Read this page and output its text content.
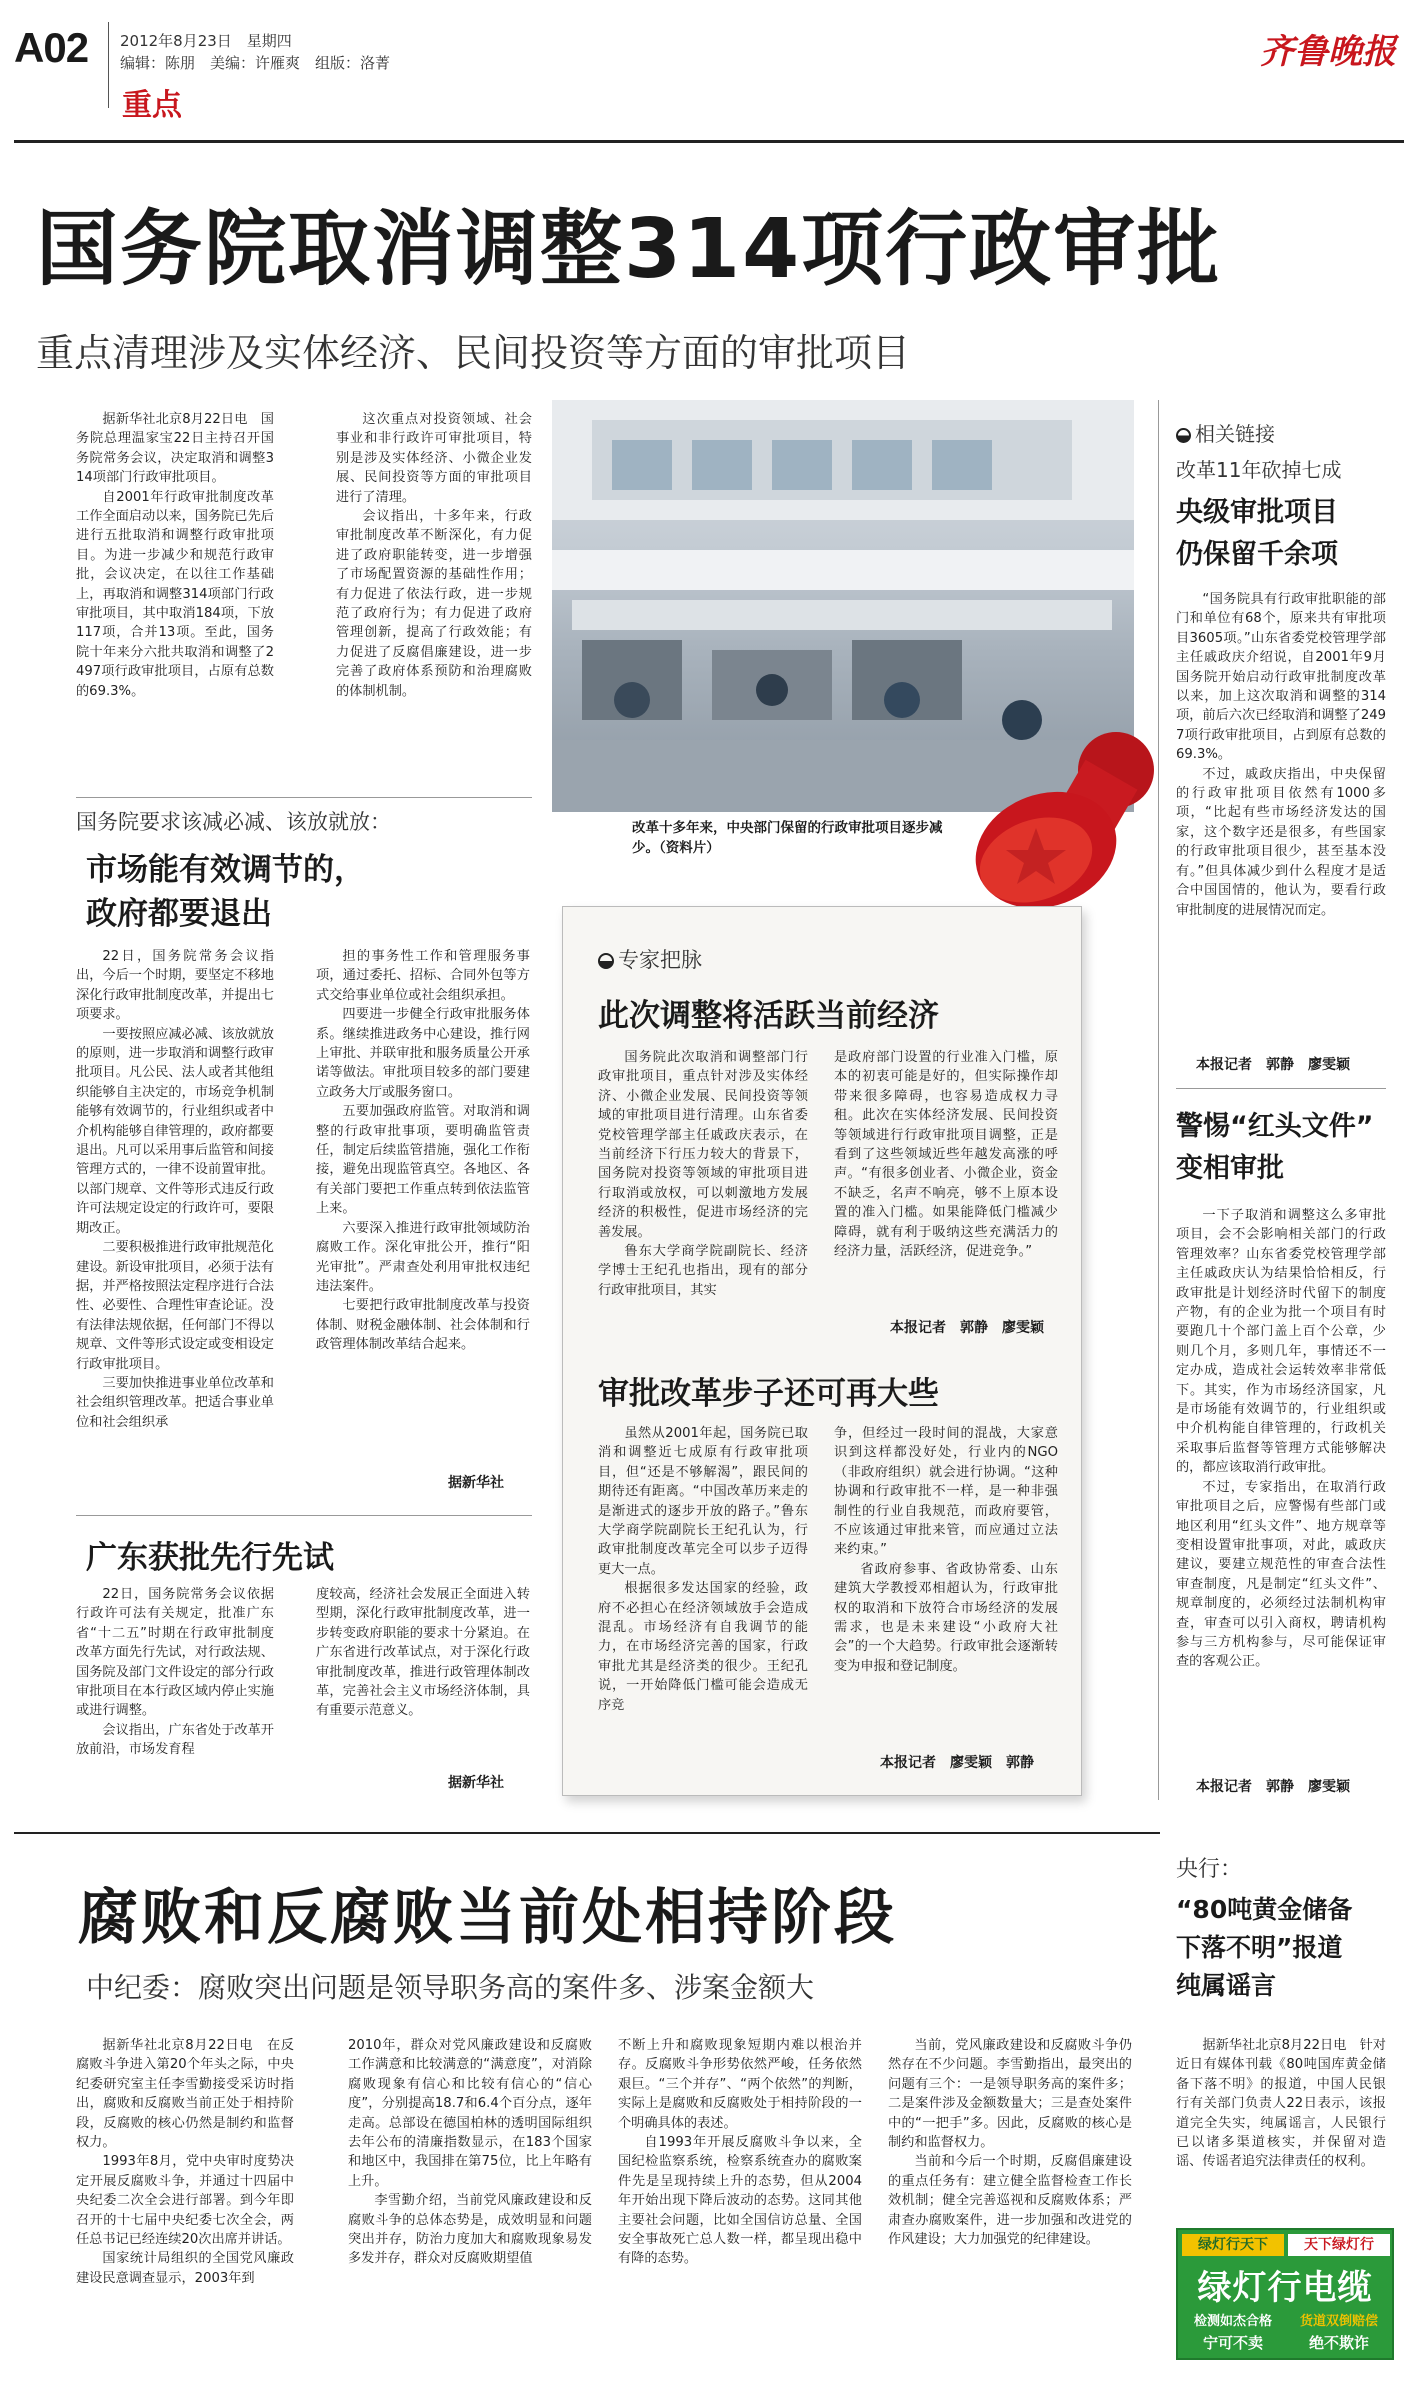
A02 2012年8月23日　星期四
编辑：陈朋　美编：许雁爽　组版：洛菁
重点
齐鲁晚报
国务院取消调整314项行政审批
重点清理涉及实体经济、民间投资等方面的审批项目

据新华社北京8月22日电　国务院总理温家宝22日主持召开国务院常务会议，决定取消和调整314项部门行政审批项目。

自2001年行政审批制度改革工作全面启动以来，国务院已先后进行五批取消和调整行政审批项目。为进一步减少和规范行政审批，会议决定，在以往工作基础上，再取消和调整314项部门行政审批项目，其中取消184项，下放117项，合并13项。至此，国务院十年来分六批共取消和调整了2497项行政审批项目，占原有总数的69.3%。

这次重点对投资领域、社会事业和非行政许可审批项目，特别是涉及实体经济、小微企业发展、民间投资等方面的审批项目进行了清理。

会议指出，十多年来，行政审批制度改革不断深化，有力促进了政府职能转变，进一步增强了市场配置资源的基础性作用；有力促进了依法行政，进一步规范了政府行为；有力促进了政府管理创新，提高了行政效能；有力促进了反腐倡廉建设，进一步完善了政府体系预防和治理腐败的体制机制。

改革十多年来，中央部门保留的行政审批项目逐步减少。（资料片）
国务院要求该减必减、该放就放：
市场能有效调节的，
政府都要退出

22日，国务院常务会议指出，今后一个时期，要坚定不移地深化行政审批制度改革，并提出七项要求。

一要按照应减必减、该放就放的原则，进一步取消和调整行政审批项目。凡公民、法人或者其他组织能够自主决定的，市场竞争机制能够有效调节的，行业组织或者中介机构能够自律管理的，政府都要退出。凡可以采用事后监管和间接管理方式的，一律不设前置审批。以部门规章、文件等形式违反行政许可法规定设定的行政许可，要限期改正。

二要积极推进行政审批规范化建设。新设审批项目，必须于法有据，并严格按照法定程序进行合法性、必要性、合理性审查论证。没有法律法规依据，任何部门不得以规章、文件等形式设定或变相设定行政审批项目。

三要加快推进事业单位改革和社会组织管理改革。把适合事业单位和社会组织承

担的事务性工作和管理服务事项，通过委托、招标、合同外包等方式交给事业单位或社会组织承担。

四要进一步健全行政审批服务体系。继续推进政务中心建设，推行网上审批、并联审批和服务质量公开承诺等做法。审批项目较多的部门要建立政务大厅或服务窗口。

五要加强政府监管。对取消和调整的行政审批事项，要明确监管责任，制定后续监管措施，强化工作衔接，避免出现监管真空。各地区、各有关部门要把工作重点转到依法监管上来。

六要深入推进行政审批领域防治腐败工作。深化审批公开，推行“阳光审批”。严肃查处利用审批权违纪违法案件。

七要把行政审批制度改革与投资体制、财税金融体制、社会体制和行政管理体制改革结合起来。

据新华社
广东获批先行先试

22日，国务院常务会议依据行政许可法有关规定，批准广东省“十二五”时期在行政审批制度改革方面先行先试，对行政法规、国务院及部门文件设定的部分行政审批项目在本行政区域内停止实施或进行调整。

会议指出，广东省处于改革开放前沿，市场发育程

度较高，经济社会发展正全面进入转型期，深化行政审批制度改革，进一步转变政府职能的要求十分紧迫。在广东省进行改革试点，对于深化行政审批制度改革，推进行政管理体制改革，完善社会主义市场经济体制，具有重要示范意义。

据新华社
专家把脉
此次调整将活跃当前经济

国务院此次取消和调整部门行政审批项目，重点针对涉及实体经济、小微企业发展、民间投资等领域的审批项目进行清理。山东省委党校管理学部主任戚政庆表示，在当前经济下行压力较大的背景下，国务院对投资等领域的审批项目进行取消或放权，可以刺激地方发展经济的积极性，促进市场经济的完善发展。

鲁东大学商学院副院长、经济学博士王纪孔也指出，现有的部分行政审批项目，其实

是政府部门设置的行业准入门槛，原本的初衷可能是好的，但实际操作却带来很多障碍，也容易造成权力寻租。此次在实体经济发展、民间投资等领域进行行政审批项目调整，正是看到了这些领域近些年越发高涨的呼声。“有很多创业者、小微企业，资金不缺乏，名声不响亮，够不上原本设置的准入门槛。如果能降低门槛减少障碍，就有利于吸纳这些充满活力的经济力量，活跃经济，促进竞争。”

本报记者　郭静　廖雯颖
审批改革步子还可再大些

虽然从2001年起，国务院已取消和调整近七成原有行政审批项目，但“还是不够解渴”，跟民间的期待还有距离。“中国改革历来走的是渐进式的逐步开放的路子。”鲁东大学商学院副院长王纪孔认为，行政审批制度改革完全可以步子迈得更大一点。

根据很多发达国家的经验，政府不必担心在经济领域放手会造成混乱。市场经济有自我调节的能力，在市场经济完善的国家，行政审批尤其是经济类的很少。王纪孔说，一开始降低门槛可能会造成无序竞

争，但经过一段时间的混战，大家意识到这样都没好处，行业内的NGO（非政府组织）就会进行协调。“这种协调和行政审批不一样，是一种非强制性的行业自我规范，而政府要管，不应该通过审批来管，而应通过立法来约束。”

省政府参事、省政协常委、山东建筑大学教授邓相超认为，行政审批权的取消和下放符合市场经济的发展需求，也是未来建设“小政府大社会”的一个大趋势。行政审批会逐渐转变为申报和登记制度。

本报记者　廖雯颖　郭静
相关链接
改革11年砍掉七成
央级审批项目
仍保留千余项

“国务院具有行政审批职能的部门和单位有68个，原来共有审批项目3605项。”山东省委党校管理学部主任戚政庆介绍说，自2001年9月国务院开始启动行政审批制度改革以来，加上这次取消和调整的314项，前后六次已经取消和调整了2497项行政审批项目，占到原有总数的69.3%。

不过，戚政庆指出，中央保留的行政审批项目依然有1000多项，“比起有些市场经济发达的国家，这个数字还是很多，有些国家的行政审批项目很少，甚至基本没有。”但具体减少到什么程度才是适合中国国情的，他认为，要看行政审批制度的进展情况而定。

本报记者　郭静　廖雯颖
警惕“红头文件”
变相审批

一下子取消和调整这么多审批项目，会不会影响相关部门的行政管理效率？山东省委党校管理学部主任戚政庆认为结果恰恰相反，行政审批是计划经济时代留下的制度产物，有的企业为批一个项目有时要跑几十个部门盖上百个公章，少则几个月，多则几年，事情还不一定办成，造成社会运转效率非常低下。其实，作为市场经济国家，凡是市场能有效调节的，行业组织或中介机构能自律管理的，行政机关采取事后监督等管理方式能够解决的，都应该取消行政审批。

不过，专家指出，在取消行政审批项目之后，应警惕有些部门或地区利用“红头文件”、地方规章等变相设置审批事项，对此，戚政庆建议，要建立规范性的审查合法性审查制度，凡是制定“红头文件”、规章制度的，必须经过法制机构审查，审查可以引入商权，聘请机构参与三方机构参与，尽可能保证审查的客观公正。

本报记者　郭静　廖雯颖
腐败和反腐败当前处相持阶段
中纪委：腐败突出问题是领导职务高的案件多、涉案金额大

据新华社北京8月22日电　在反腐败斗争进入第20个年头之际，中央纪委研究室主任李雪勤接受采访时指出，腐败和反腐败当前正处于相持阶段，反腐败的核心仍然是制约和监督权力。

1993年8月，党中央审时度势决定开展反腐败斗争，并通过十四届中央纪委二次全会进行部署。到今年即召开的十七届中央纪委七次全会，两任总书记已经连续20次出席并讲话。

国家统计局组织的全国党风廉政建设民意调查显示，2003年到

2010年，群众对党风廉政建设和反腐败工作满意和比较满意的“满意度”，对消除腐败现象有信心和比较有信心的“信心度”，分别提高18.7和6.4个百分点，逐年走高。总部设在德国柏林的透明国际组织去年公布的清廉指数显示，在183个国家和地区中，我国排在第75位，比上年略有上升。

李雪勤介绍，当前党风廉政建设和反腐败斗争的总体态势是，成效明显和问题突出并存，防治力度加大和腐败现象易发多发并存，群众对反腐败期望值

不断上升和腐败现象短期内难以根治并存。反腐败斗争形势依然严峻，任务依然艰巨。“三个并存”、“两个依然”的判断，实际上是腐败和反腐败处于相持阶段的一个明确具体的表述。

自1993年开展反腐败斗争以来，全国纪检监察系统，检察系统查办的腐败案件先是呈现持续上升的态势，但从2004年开始出现下降后波动的态势。这同其他主要社会问题，比如全国信访总量、全国安全事故死亡总人数一样，都呈现出稳中有降的态势。

当前，党风廉政建设和反腐败斗争仍然存在不少问题。李雪勤指出，最突出的问题有三个：一是领导职务高的案件多；二是案件涉及金额数量大；三是查处案件中的“一把手”多。因此，反腐败的核心是制约和监督权力。

当前和今后一个时期，反腐倡廉建设的重点任务有：建立健全监督检查工作长效机制；健全完善巡视和反腐败体系；严肃查办腐败案件，进一步加强和改进党的作风建设；大力加强党的纪律建设。

央行：
“80吨黄金储备
下落不明”报道
纯属谣言

据新华社北京8月22日电　针对近日有媒体刊载《80吨国库黄金储备下落不明》的报道，中国人民银行有关部门负责人22日表示，该报道完全失实，纯属谣言，人民银行已以诸多渠道核实，并保留对造谣、传谣者追究法律责任的权利。

绿灯行天下	天下绿灯行
绿灯行电缆
检测如杰合格	货道双倒赔偿
宁可不卖	绝不欺诈
